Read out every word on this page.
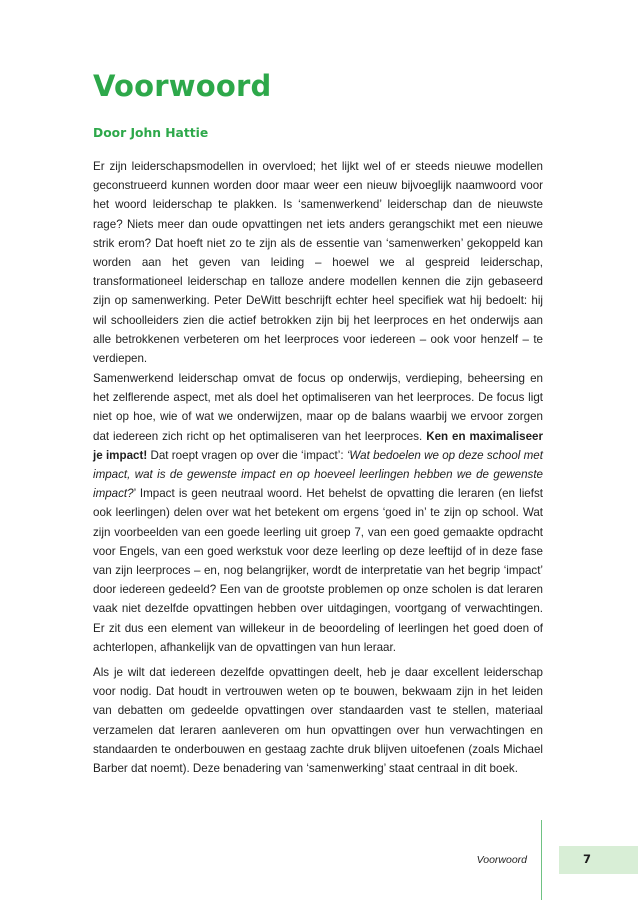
Voorwoord
Door John Hattie

Er zijn leiderschapsmodellen in overvloed; het lijkt wel of er steeds nieuwe modellen geconstrueerd kunnen worden door maar weer een nieuw bijvoeglijk naamwoord voor het woord leiderschap te plakken. Is ‘samenwerkend’ leiderschap dan de nieuwste rage? Niets meer dan oude opvattingen net iets anders gerangschikt met een nieuwe strik erom? Dat hoeft niet zo te zijn als de essentie van ‘samenwerken’ gekoppeld kan worden aan het geven van leiding – hoewel we al gespreid leiderschap, transformationeel leiderschap en talloze andere modellen kennen die zijn gebaseerd zijn op samenwerking. Peter DeWitt beschrijft echter heel specifiek wat hij bedoelt: hij wil schoolleiders zien die actief betrokken zijn bij het leerproces en het onderwijs aan alle betrokkenen verbeteren om het leerproces voor iedereen – ook voor henzelf – te verdiepen.

Samenwerkend leiderschap omvat de focus op onderwijs, verdieping, beheersing en het zelflerende aspect, met als doel het optimaliseren van het leerproces. De focus ligt niet op hoe, wie of wat we onderwijzen, maar op de balans waarbij we ervoor zorgen dat iedereen zich richt op het optimaliseren van het leerproces. Ken en maximaliseer je impact! Dat roept vragen op over die ‘impact’: ‘Wat bedoelen we op deze school met impact, wat is de gewenste impact en op hoeveel leerlingen hebben we de gewenste impact?’ Impact is geen neutraal woord. Het behelst de opvatting die leraren (en liefst ook leerlingen) delen over wat het betekent om ergens ‘goed in’ te zijn op school. Wat zijn voorbeelden van een goede leerling uit groep 7, van een goed gemaakte opdracht voor Engels, van een goed werkstuk voor deze leerling op deze leeftijd of in deze fase van zijn leerproces – en, nog belangrijker, wordt de interpretatie van het begrip ‘impact’ door iedereen gedeeld? Een van de grootste problemen op onze scholen is dat leraren vaak niet dezelfde opvattingen hebben over uitdagingen, voortgang of verwachtingen. Er zit dus een element van willekeur in de beoordeling of leerlingen het goed doen of achterlopen, afhankelijk van de opvattingen van hun leraar.

Als je wilt dat iedereen dezelfde opvattingen deelt, heb je daar excellent leiderschap voor nodig. Dat houdt in vertrouwen weten op te bouwen, bekwaam zijn in het leiden van debatten om gedeelde opvattingen over standaarden vast te stellen, materiaal verzamelen dat leraren aanleveren om hun opvattingen over hun verwachtingen en standaarden te onderbouwen en gestaag zachte druk blijven uitoefenen (zoals Michael Barber dat noemt). Deze benadering van ‘samenwerking’ staat centraal in dit boek.

Voorwoord	7
